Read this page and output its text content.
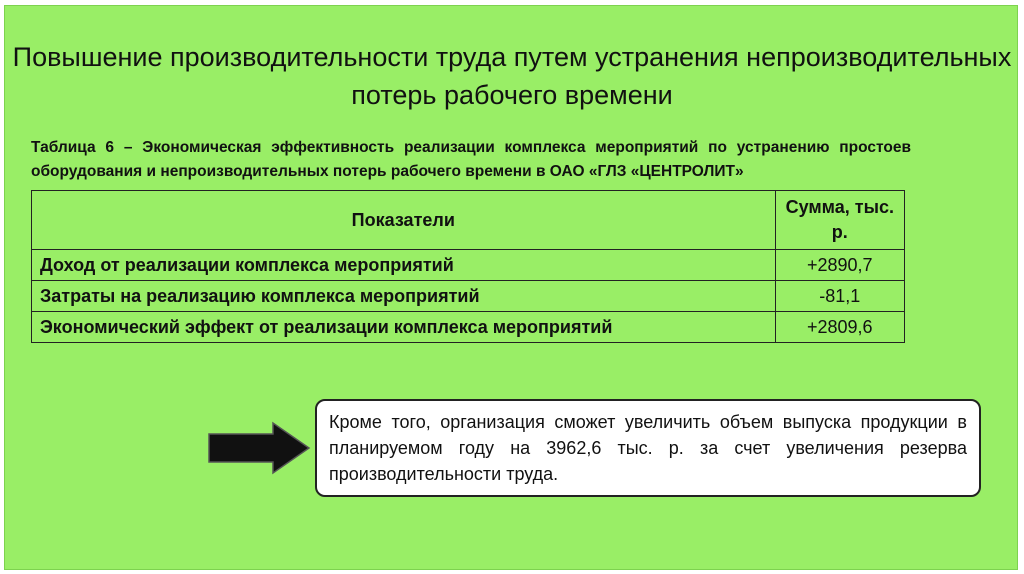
Повышение производительности труда путем устранения непроизводительных потерь рабочего времени
Таблица 6 – Экономическая эффективность реализации комплекса мероприятий по устранению простоев оборудования и непроизводительных потерь рабочего времени в ОАО «ГЛЗ «ЦЕНТРОЛИТ»
Показатели	Сумма, тыс. р.
Доход от реализации комплекса мероприятий	+2890,7
Затраты на реализацию комплекса мероприятий	-81,1
Экономический эффект от реализации комплекса мероприятий	+2809,6
Кроме того, организация сможет увеличить объем выпуска продукции в планируемом году на 3962,6 тыс. р. за счет увеличения резерва производительности труда.
